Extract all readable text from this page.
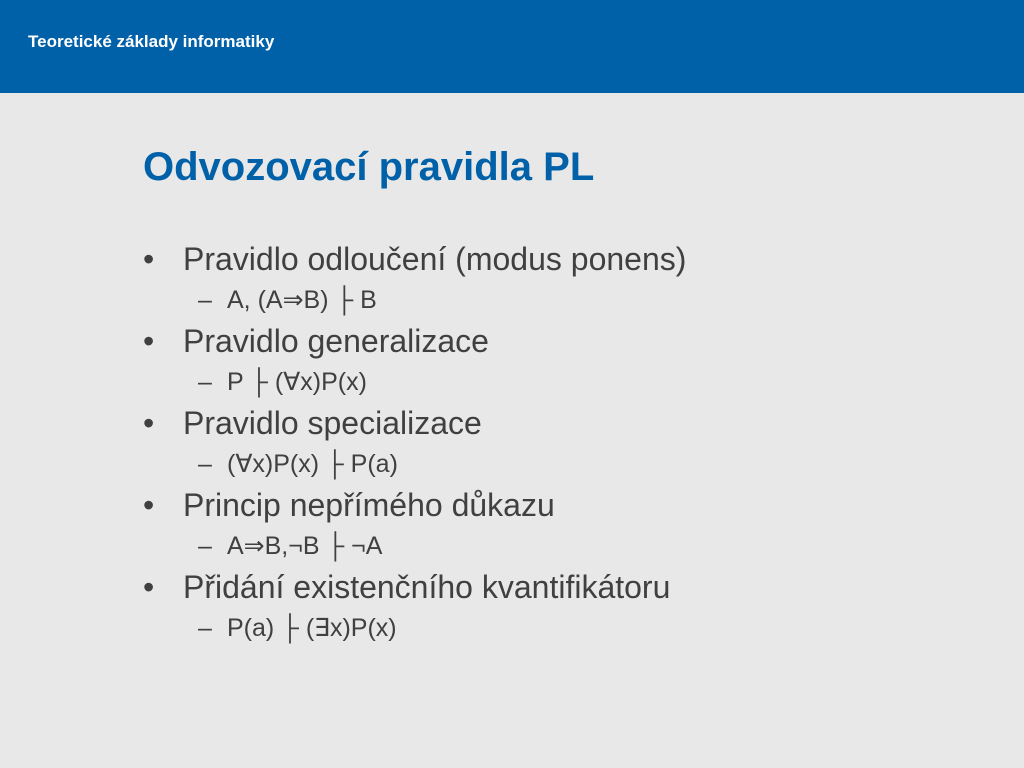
Teoretické základy informatiky
Odvozovací pravidla PL
• Pravidlo odloučení (modus ponens)
– A, (A⇒B) ├ B
• Pravidlo generalizace
– P ├ (∀x)P(x)
• Pravidlo specializace
– (∀x)P(x) ├ P(a)
• Princip nepřímého důkazu
– A⇒B,¬B ├ ¬A
• Přidání existenčního kvantifikátoru
– P(a) ├ (∃x)P(x)
